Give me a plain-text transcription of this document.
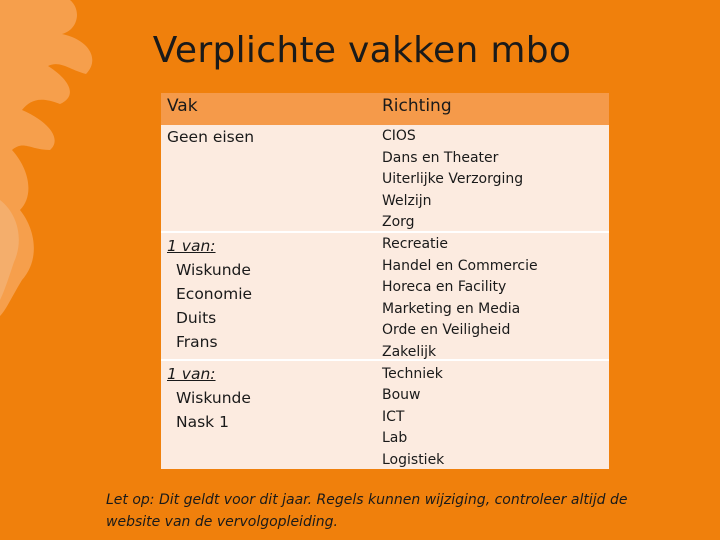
Verplichte vakken mbo
Vak	Richting
Geen eisen
1 van:
Wiskunde
Economie
Duits
Frans
1 van:
Wiskunde
Nask 1
CIOS
Dans en Theater
Uiterlijke Verzorging
Welzijn
Zorg
Recreatie
Handel en Commercie
Horeca en Facility
Marketing en Media
Orde en Veiligheid
Zakelijk
Techniek
Bouw
ICT
Lab
Logistiek
Let op: Dit geldt voor dit jaar. Regels kunnen wijziging, controleer altijd de
website van de vervolgopleiding.
